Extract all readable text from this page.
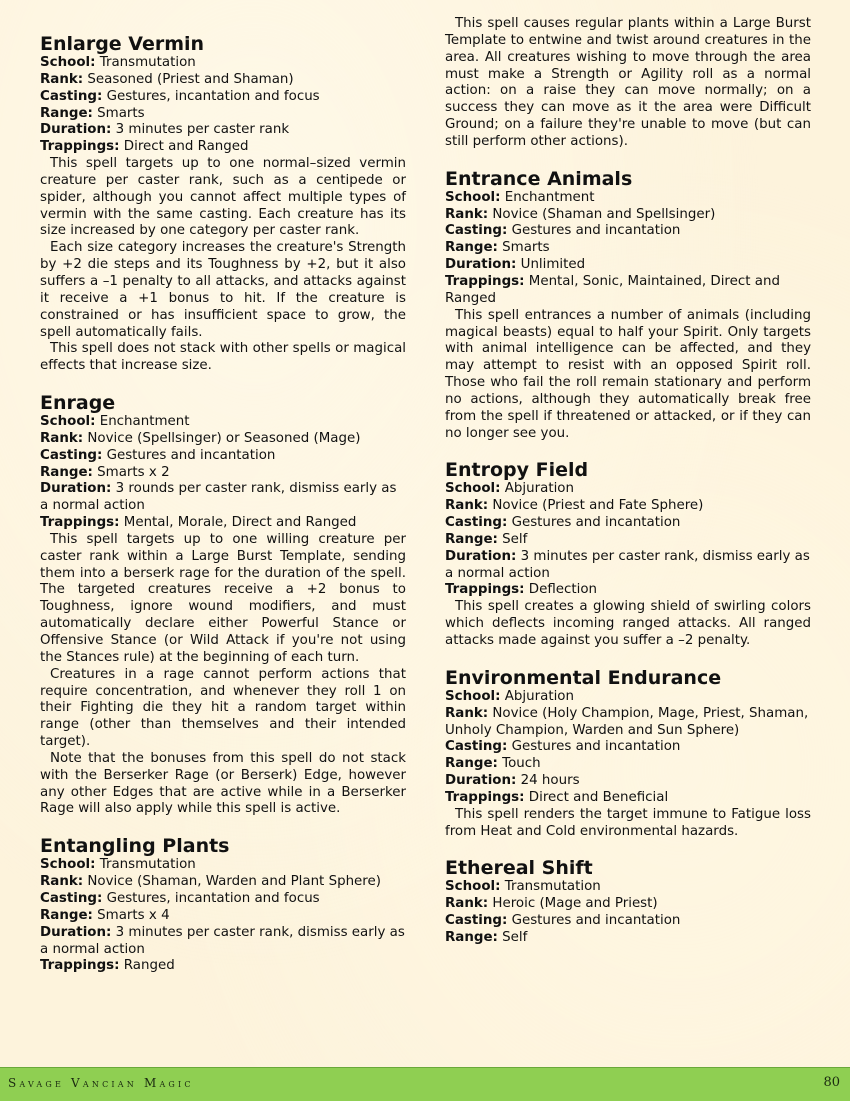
Enlarge Vermin

School: Transmutation

Rank: Seasoned (Priest and Shaman)

Casting: Gestures, incantation and focus

Range: Smarts

Duration: 3 minutes per caster rank

Trappings: Direct and Ranged

This spell targets up to one normal–sized vermin creature per caster rank, such as a centipede or spider, although you cannot affect multiple types of vermin with the same casting. Each creature has its size increased by one category per caster rank.

Each size category increases the creature's Strength by +2 die steps and its Toughness by +2, but it also suffers a –1 penalty to all attacks, and attacks against it receive a +1 bonus to hit. If the creature is constrained or has insufficient space to grow, the spell automatically fails.

This spell does not stack with other spells or magical effects that increase size.

Enrage

School: Enchantment

Rank: Novice (Spellsinger) or Seasoned (Mage)

Casting: Gestures and incantation

Range: Smarts x 2

Duration: 3 rounds per caster rank, dismiss early as a normal action

Trappings: Mental, Morale, Direct and Ranged

This spell targets up to one willing creature per caster rank within a Large Burst Template, sending them into a berserk rage for the duration of the spell. The targeted creatures receive a +2 bonus to Toughness, ignore wound modifiers, and must automatically declare either Powerful Stance or Offensive Stance (or Wild Attack if you're not using the Stances rule) at the beginning of each turn.

Creatures in a rage cannot perform actions that require concentration, and whenever they roll 1 on their Fighting die they hit a random target within range (other than themselves and their intended target).

Note that the bonuses from this spell do not stack with the Berserker Rage (or Berserk) Edge, however any other Edges that are active while in a Berserker Rage will also apply while this spell is active.

Entangling Plants

School: Transmutation

Rank: Novice (Shaman, Warden and Plant Sphere)

Casting: Gestures, incantation and focus

Range: Smarts x 4

Duration: 3 minutes per caster rank, dismiss early as a normal action

Trappings: Ranged

This spell causes regular plants within a Large Burst Template to entwine and twist around creatures in the area. All creatures wishing to move through the area must make a Strength or Agility roll as a normal action: on a raise they can move normally; on a success they can move as it the area were Difficult Ground; on a failure they're unable to move (but can still perform other actions).

Entrance Animals

School: Enchantment

Rank: Novice (Shaman and Spellsinger)

Casting: Gestures and incantation

Range: Smarts

Duration: Unlimited

Trappings: Mental, Sonic, Maintained, Direct and Ranged

This spell entrances a number of animals (including magical beasts) equal to half your Spirit. Only targets with animal intelligence can be affected, and they may attempt to resist with an opposed Spirit roll. Those who fail the roll remain stationary and perform no actions, although they automatically break free from the spell if threatened or attacked, or if they can no longer see you.

Entropy Field

School: Abjuration

Rank: Novice (Priest and Fate Sphere)

Casting: Gestures and incantation

Range: Self

Duration: 3 minutes per caster rank, dismiss early as a normal action

Trappings: Deflection

This spell creates a glowing shield of swirling colors which deflects incoming ranged attacks. All ranged attacks made against you suffer a –2 penalty.

Environmental Endurance

School: Abjuration

Rank: Novice (Holy Champion, Mage, Priest, Shaman, Unholy Champion, Warden and Sun Sphere)

Casting: Gestures and incantation

Range: Touch

Duration: 24 hours

Trappings: Direct and Beneficial

This spell renders the target immune to Fatigue loss from Heat and Cold environmental hazards.

Ethereal Shift

School: Transmutation

Rank: Heroic (Mage and Priest)

Casting: Gestures and incantation

Range: Self

Savage Vancian Magic	80
